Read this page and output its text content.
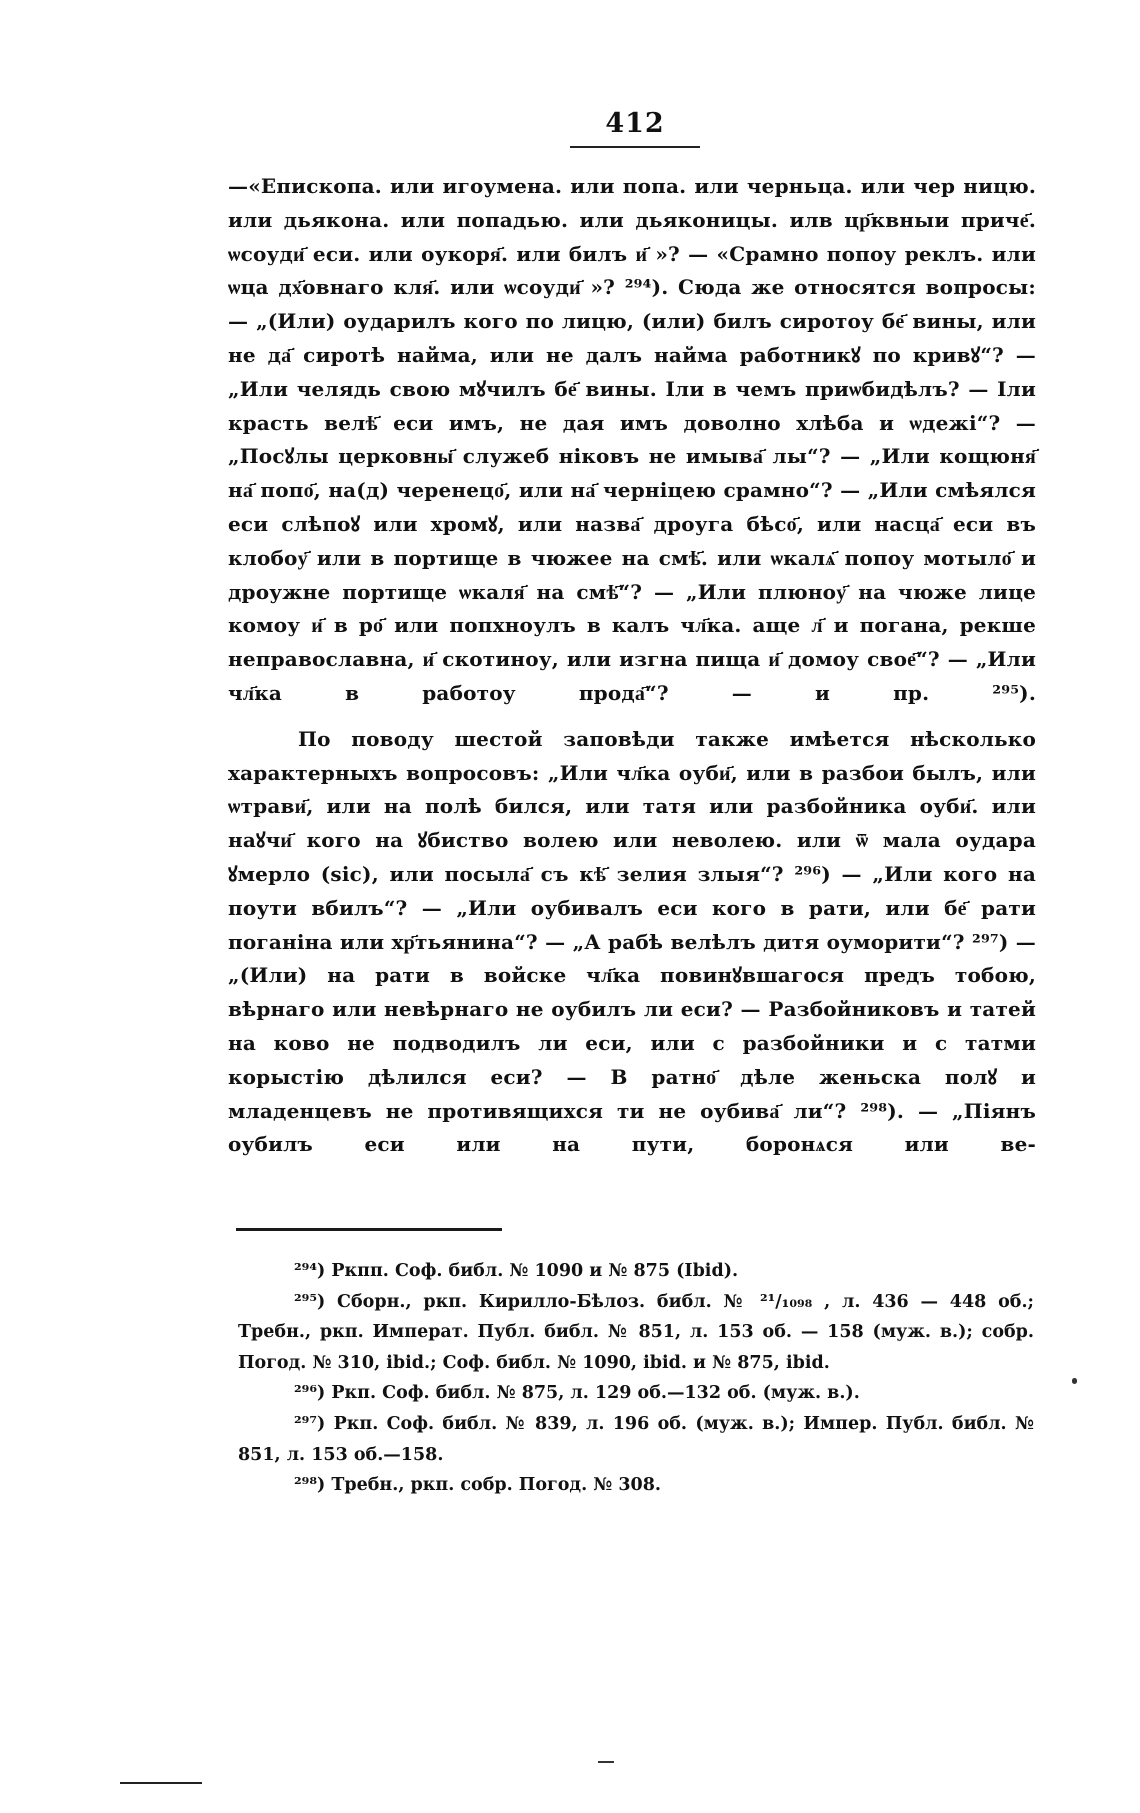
412

—«Епископа. или игоумена. или попа. или черньца. или чер ницю. или дьякона. или попадью. или дьяконицы. илв цр҃квныи приче҃. ѡсоуди҃ еси. или оукоря҃. или билъ и҃ »? — «Срамно попоу реклъ. или ѡца дх҃овнаго кля҃. или ѡсоуди҃ »? ²⁹⁴). Сюда же относятся вопросы: — „(Или) оударилъ кого по лицю, (или) билъ сиротоу бе҃ вины, или не да҃ сиротѣ найма, или не далъ найма работникꙋ по кривꙋ“? — „Или челядь свою мꙋчилъ бе҃ вины. Іли в чемъ приѡбидѣлъ? — Іли красть велѣ҃ еси имъ, не дая имъ доволно хлѣба и ѡдежі“? — „Посꙋлы церковны҃ служеб ніковъ не имыва҃ лы“? — „Или кощюня҃ на҃ попо҃, на(д) черенецо҃, или на҃ черніцею срамно“? — „Или смѣялся еси слѣпоꙋ или хромꙋ, или назва҃ дроуга бѣсо҃, или насца҃ еси въ клобоу҃ или в портище в чюжее на смѣ҃. или ѡкалѧ҃ попоу мотыло҃ и дроужне портище ѡкаля҃ на смѣ҃“? — „Или плюноу҃ на чюже лице комоу и҃ в ро҃ или попхноулъ в калъ чл҃ка. аще л҃ и погана, рекше неправославна, и҃ скотиноу, или изгна пища и҃ домоу свое҃“? — „Или чл҃ка в работоу прода҃“? — и пр. ²⁹⁵).

По поводу шестой заповѣди также имѣется нѣсколько характерныхъ вопросовъ: „Или чл҃ка оуби҃, или в разбои былъ, или ѡтрави҃, или на полѣ бился, или татя или разбойника оуби҃. или наꙋчи҃ кого на ꙋбиство волею или неволею. или ѿ мала оудара ꙋмерло (sic), или посыла҃ съ кѣ҃ зелия злыя“? ²⁹⁶) — „Или кого на поути вбилъ“? — „Или оубивалъ еси кого в рати, или бе҃ рати поганіна или хр҃тьянина“? — „А рабѣ велѣлъ дитя оуморити“? ²⁹⁷) — „(Или) на рати в войске чл҃ка повинꙋвшагося предъ тобою, вѣрнаго или невѣрнаго не оубилъ ли еси? — Разбойниковъ и татей на ково не подводилъ ли еси, или с разбойники и с татми корыстію дѣлился еси? — В ратно҃ дѣле женьска полꙋ и младенцевъ не противящихся ти не оубива҃ ли“? ²⁹⁸). — „Піянъ оубилъ еси или на пути, боронѧся или ве-

²⁹⁴) Ркпп. Соф. библ. № 1090 и № 875 (Ibid).

²⁹⁵) Сборн., ркп. Кирилло-Бѣлоз. библ. № ²¹/₁₀₉₈ , л. 436 — 448 об.; Требн., ркп. Императ. Публ. библ. № 851, л. 153 об. — 158 (муж. в.); собр. Погод. № 310, ibid.; Соф. библ. № 1090, ibid. и № 875, ibid.

²⁹⁶) Ркп. Соф. библ. № 875, л. 129 об.—132 об. (муж. в.).

²⁹⁷) Ркп. Соф. библ. № 839, л. 196 об. (муж. в.); Импер. Публ. библ. № 851, л. 153 об.—158.

²⁹⁸) Требн., ркп. собр. Погод. № 308.
